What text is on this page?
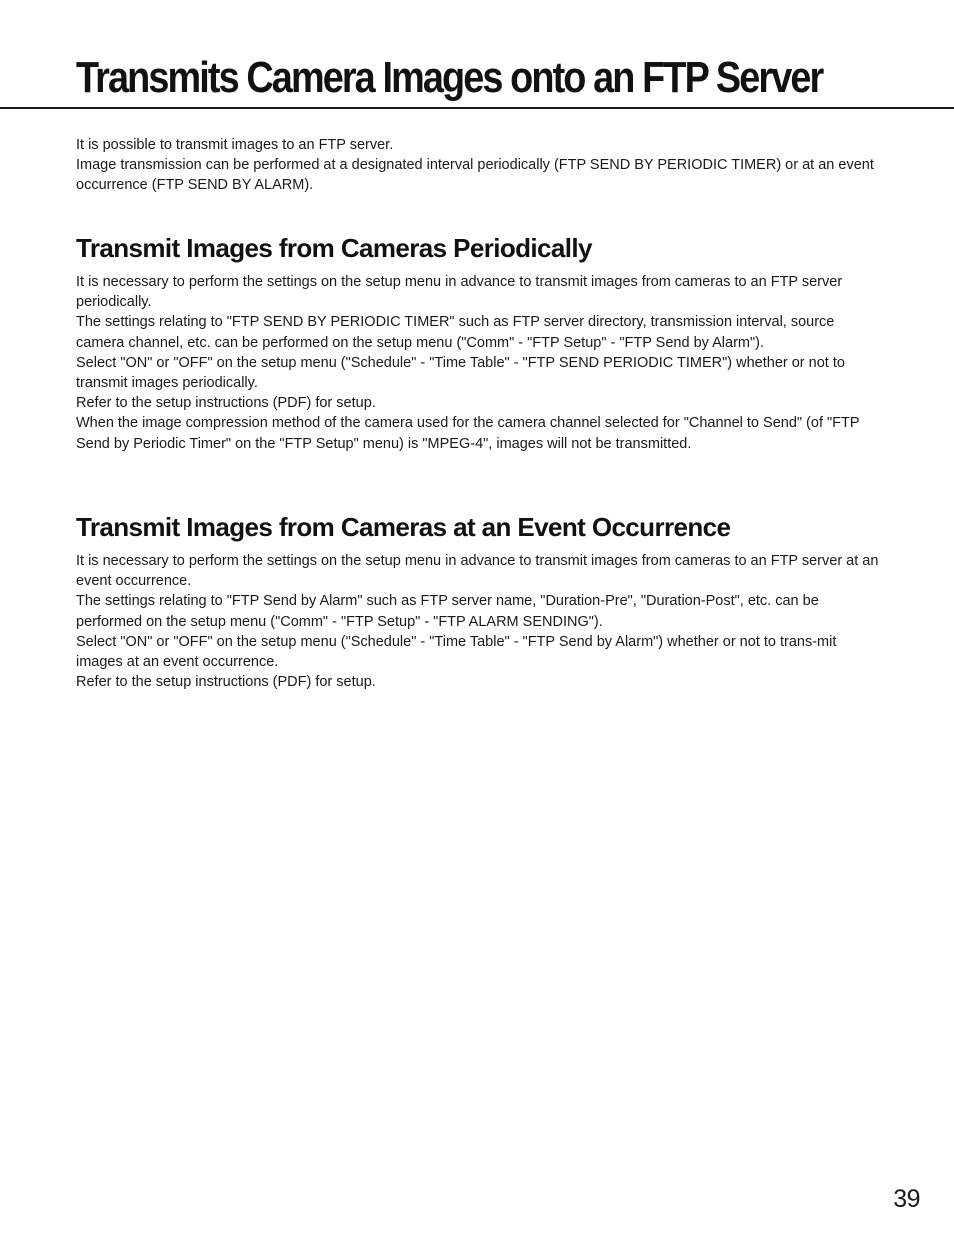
Transmits Camera Images onto an FTP Server

It is possible to transmit images to an FTP server.

Image transmission can be performed at a designated interval periodically (FTP SEND BY PERIODIC TIMER) or at an event occurrence (FTP SEND BY ALARM).

Transmit Images from Cameras Periodically

It is necessary to perform the settings on the setup menu in advance to transmit images from cameras to an FTP server periodically.

The settings relating to "FTP SEND BY PERIODIC TIMER" such as FTP server directory, transmission interval, source camera channel, etc. can be performed on the setup menu ("Comm" - "FTP Setup" - "FTP Send by Alarm").

Select "ON" or "OFF" on the setup menu ("Schedule" - "Time Table" - "FTP SEND PERIODIC TIMER") whether or not to transmit images periodically.

Refer to the setup instructions (PDF) for setup.

When the image compression method of the camera used for the camera channel selected for "Channel to Send" (of "FTP Send by Periodic Timer" on the "FTP Setup" menu) is "MPEG-4", images will not be transmitted.

Transmit Images from Cameras at an Event Occurrence

It is necessary to perform the settings on the setup menu in advance to transmit images from cameras to an FTP server at an event occurrence.

The settings relating to "FTP Send by Alarm" such as FTP server name, "Duration-Pre", "Duration-Post", etc. can be performed on the setup menu ("Comm" - "FTP Setup" - "FTP ALARM SENDING").

Select "ON" or "OFF" on the setup menu ("Schedule" - "Time Table" - "FTP Send by Alarm") whether or not to trans-mit images at an event occurrence.

Refer to the setup instructions (PDF) for setup.

39
